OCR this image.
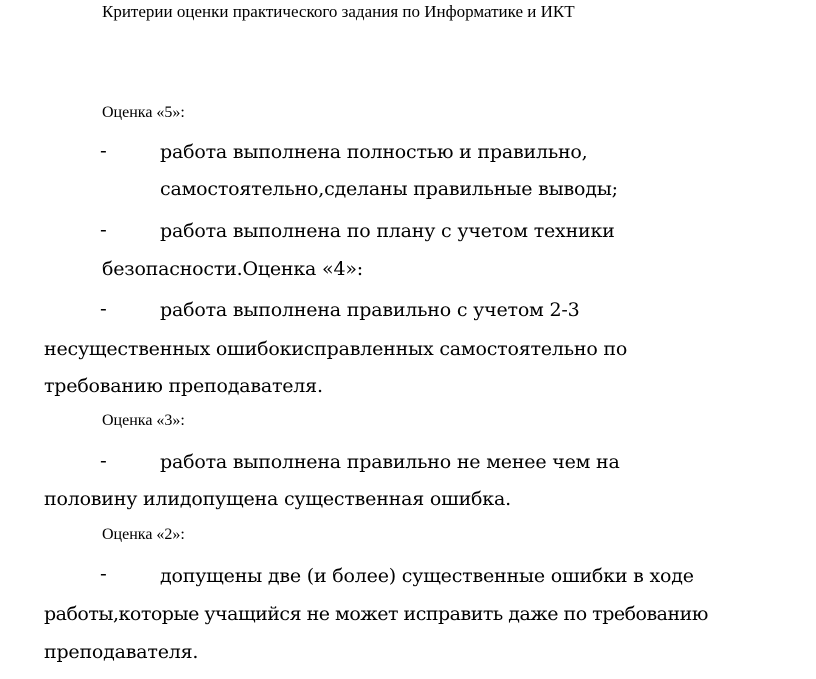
Критерии оценки практического задания по Информатике и ИКТ
Оценка «5»:
-	работа выполнена полностью и правильно,
самостоятельно,сделаны правильные выводы;
-	работа выполнена по плану с учетом техники
безопасности.Оценка «4»:
-	работа выполнена правильно с учетом 2-3
несущественных ошибокисправленных самостоятельно по
требованию преподавателя.
Оценка «3»:
-	работа выполнена правильно не менее чем на
половину илидопущена существенная ошибка.
Оценка «2»:
-	допущены две (и более) существенные ошибки в ходе
работы,которые учащийся не может исправить даже по требованию
преподавателя.
